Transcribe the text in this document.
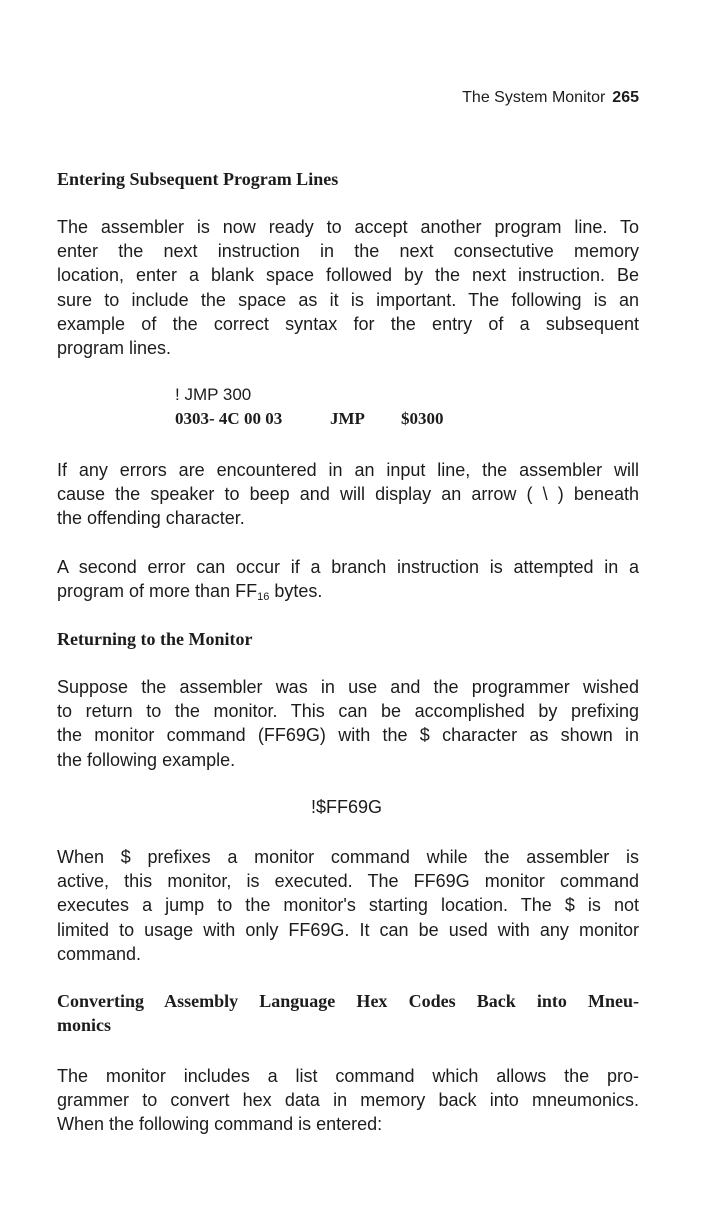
The System Monitor 265
Entering Subsequent Program Lines

The assembler is now ready to accept another program line. To
enter the next instruction in the next consectutive memory
location, enter a blank space followed by the next instruction. Be
sure to include the space as it is important. The following is an
example of the correct syntax for the entry of a subsequent
program lines.

! JMP 300
0303- 4C 00 03	JMP $0300

If any errors are encountered in an input line, the assembler will
cause the speaker to beep and will display an arrow ( \ ) beneath
the offending character.

A second error can occur if a branch instruction is attempted in a
program of more than $FF_{16}$ bytes.

Returning to the Monitor

Suppose the assembler was in use and the programmer wished
to return to the monitor. This can be accomplished by prefixing
the monitor command (FF69G) with the $ character as shown in
the following example.

!$FF69G

When $ prefixes a monitor command while the assembler is
active, this monitor, is executed. The FF69G monitor command
executes a jump to the monitor's starting location. The $ is not
limited to usage with only FF69G. It can be used with any monitor
command.

Converting Assembly Language Hex Codes Back into Mneu-
monics

The monitor includes a list command which allows the pro-
grammer to convert hex data in memory back into mneumonics.
When the following command is entered:
